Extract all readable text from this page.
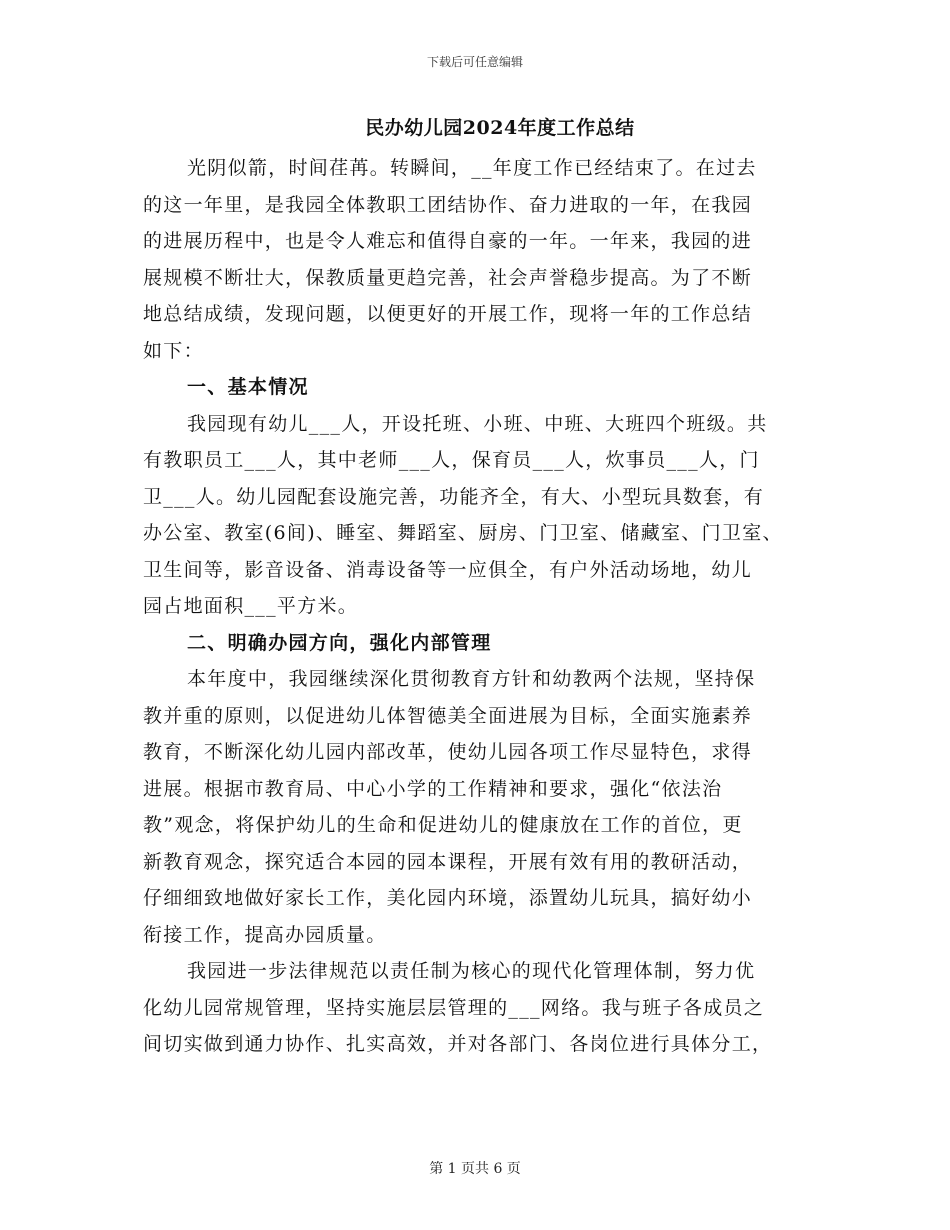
下载后可任意编辑
民办幼儿园2024年度工作总结
光阴似箭，时间荏苒。转瞬间，__年度工作已经结束了。在过去
的这一年里，是我园全体教职工团结协作、奋力进取的一年，在我园
的进展历程中，也是令人难忘和值得自豪的一年。一年来，我园的进
展规模不断壮大，保教质量更趋完善，社会声誉稳步提高。为了不断
地总结成绩，发现问题，以便更好的开展工作，现将一年的工作总结
如下：
一、基本情况
我园现有幼儿___人，开设托班、小班、中班、大班四个班级。共
有教职员工___人，其中老师___人，保育员___人，炊事员___人，门
卫___人。幼儿园配套设施完善，功能齐全，有大、小型玩具数套，有
办公室、教室(6间)、睡室、舞蹈室、厨房、门卫室、储藏室、门卫室、
卫生间等，影音设备、消毒设备等一应俱全，有户外活动场地，幼儿
园占地面积___平方米。
二、明确办园方向，强化内部管理
本年度中，我园继续深化贯彻教育方针和幼教两个法规，坚持保
教并重的原则，以促进幼儿体智德美全面进展为目标，全面实施素养
教育，不断深化幼儿园内部改革，使幼儿园各项工作尽显特色，求得
进展。根据市教育局、中心小学的工作精神和要求，强化“依法治
教”观念，将保护幼儿的生命和促进幼儿的健康放在工作的首位，更
新教育观念，探究适合本园的园本课程，开展有效有用的教研活动，
仔细细致地做好家长工作，美化园内环境，添置幼儿玩具，搞好幼小
衔接工作，提高办园质量。
我园进一步法律规范以责任制为核心的现代化管理体制，努力优
化幼儿园常规管理，坚持实施层层管理的___网络。我与班子各成员之
间切实做到通力协作、扎实高效，并对各部门、各岗位进行具体分工，
第 1 页共 6 页
